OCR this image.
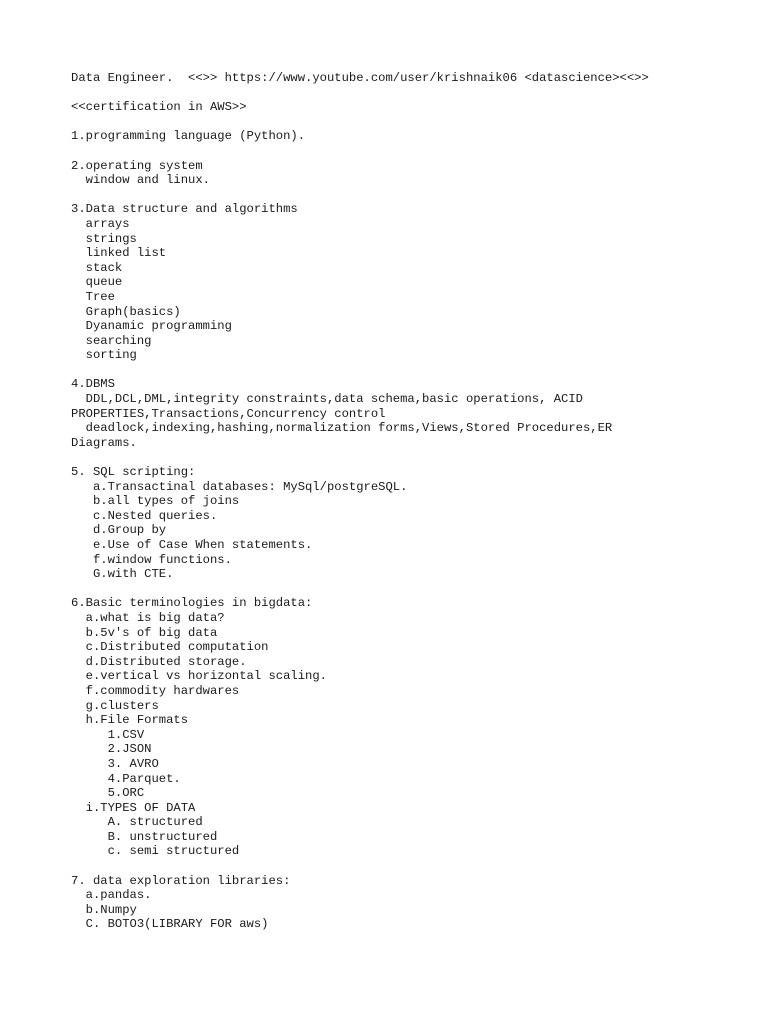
Data Engineer.  <<>> https://www.youtube.com/user/krishnaik06 <datascience><<>>
<<certification in AWS>>
1.programming language (Python).
2.operating system
window and linux.
3.Data structure and algorithms
arrays
strings
linked list
stack
queue
Tree
Graph(basics)
Dyanamic programming
searching
sorting
4.DBMS
DDL,DCL,DML,integrity constraints,data schema,basic operations, ACID
PROPERTIES,Transactions,Concurrency control
deadlock,indexing,hashing,normalization forms,Views,Stored Procedures,ER
Diagrams.
5. SQL scripting:
a.Transactinal databases: MySql/postgreSQL.
b.all types of joins
c.Nested queries.
d.Group by
e.Use of Case When statements.
f.window functions.
G.with CTE.
6.Basic terminologies in bigdata:
a.what is big data?
b.5v's of big data
c.Distributed computation
d.Distributed storage.
e.vertical vs horizontal scaling.
f.commodity hardwares
g.clusters
h.File Formats
1.CSV
2.JSON
3. AVRO
4.Parquet.
5.ORC
i.TYPES OF DATA
A. structured
B. unstructured
c. semi structured
7. data exploration libraries:
a.pandas.
b.Numpy
C. BOTO3(LIBRARY FOR aws)
